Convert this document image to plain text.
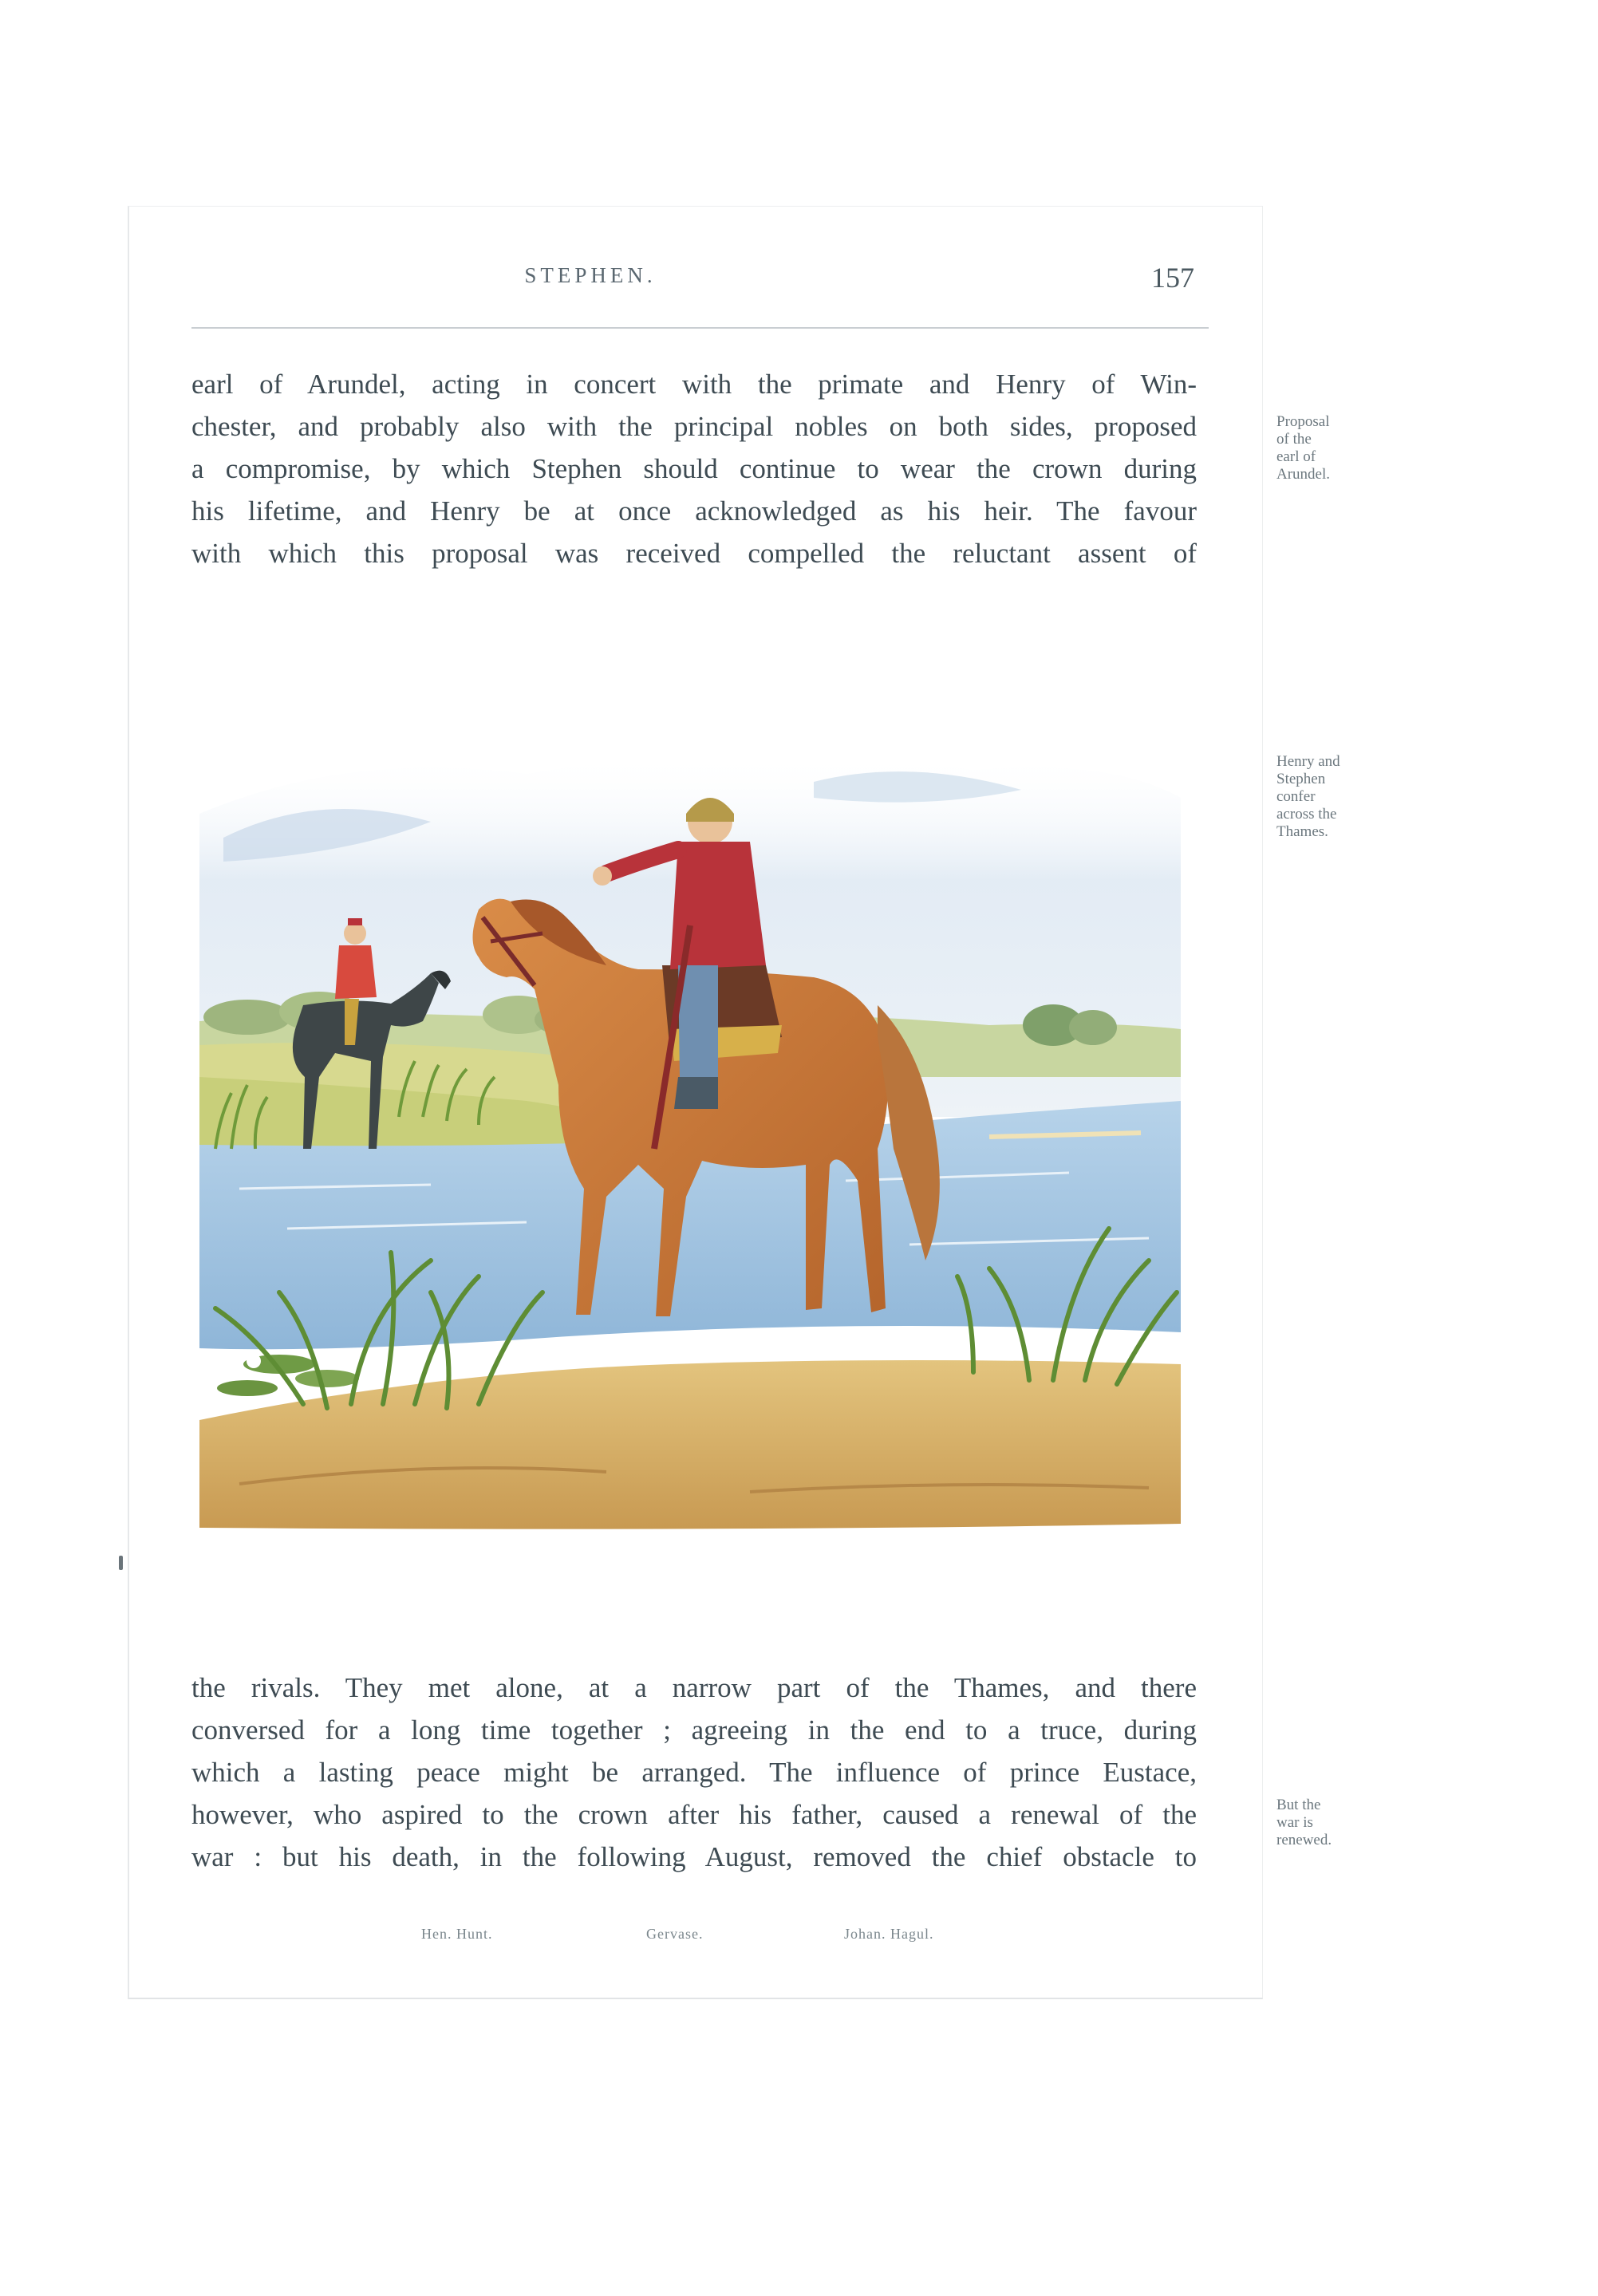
STEPHEN.	157

earl of Arundel, acting in concert with the primate and Henry of Win-
chester, and probably also with the principal nobles on both sides, proposed
a compromise, by which Stephen should continue to wear the crown during
his lifetime, and Henry be at once acknowledged as his heir. The favour
with which this proposal was received compelled the reluctant assent of

Proposal
of the
earl of
Arundel.
Henry and
Stephen
confer
across the
Thames.

the rivals. They met alone, at a narrow part of the Thames, and there
conversed for a long time together ; agreeing in the end to a truce, during
which a lasting peace might be arranged. The influence of prince Eustace,
however, who aspired to the crown after his father, caused a renewal of the
war : but his death, in the following August, removed the chief obstacle to

But the
war is
renewed.
Hen. Hunt.	Gervase.	Johan. Hagul.
